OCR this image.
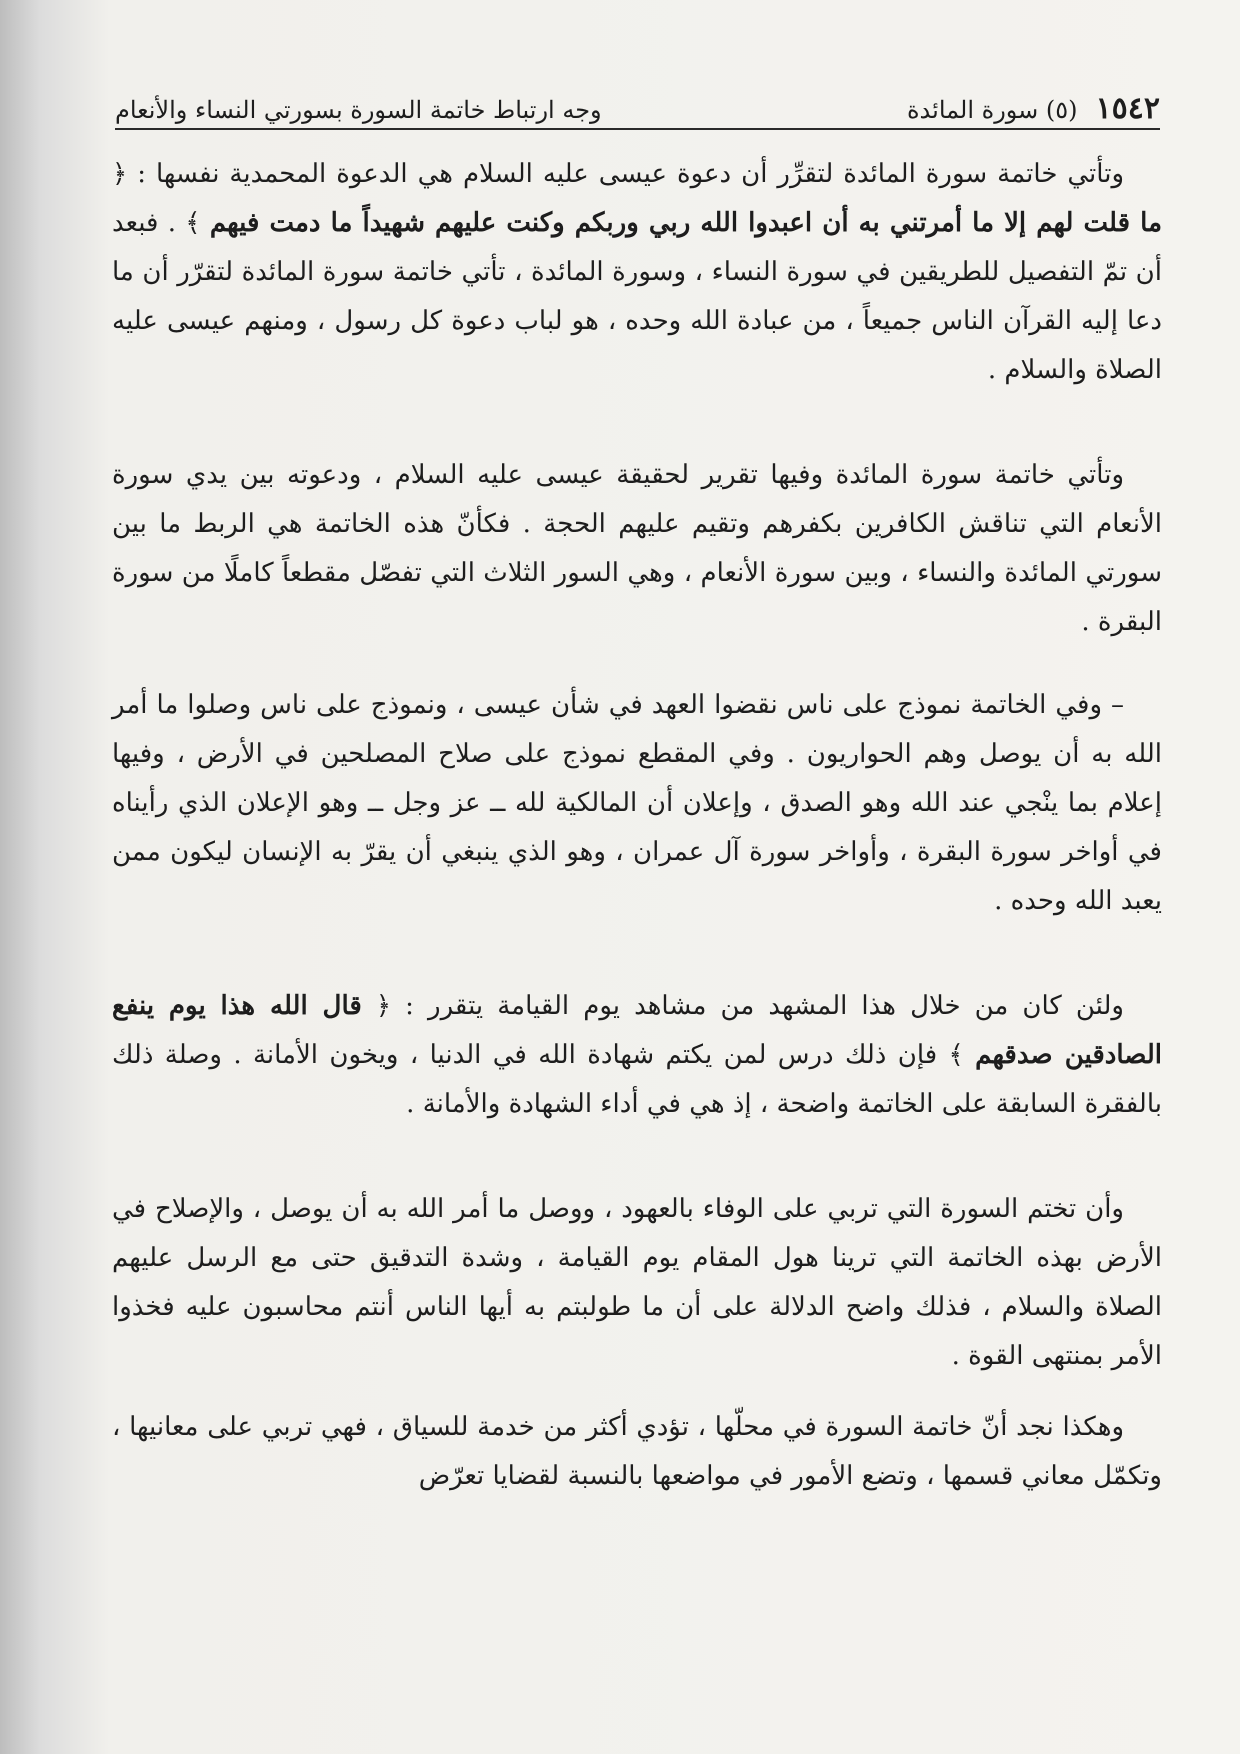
١٥٤٢
(٥) سورة المائدة
وجه ارتباط خاتمة السورة بسورتي النساء والأنعام

وتأتي خاتمة سورة المائدة لتقرِّر أن دعوة عيسى عليه السلام هي الدعوة المحمدية نفسها : ﴿ ما قلت لهم إلا ما أمرتني به أن اعبدوا الله ربي وربكم وكنت عليهم شهيداً ما دمت فيهم ﴾ . فبعد أن تمّ التفصيل للطريقين في سورة النساء ، وسورة المائدة ، تأتي خاتمة سورة المائدة لتقرّر أن ما دعا إليه القرآن الناس جميعاً ، من عبادة الله وحده ، هو لباب دعوة كل رسول ، ومنهم عيسى عليه الصلاة والسلام .

وتأتي خاتمة سورة المائدة وفيها تقرير لحقيقة عيسى عليه السلام ، ودعوته بين يدي سورة الأنعام التي تناقش الكافرين بكفرهم وتقيم عليهم الحجة . فكأنّ هذه الخاتمة هي الربط ما بين سورتي المائدة والنساء ، وبين سورة الأنعام ، وهي السور الثلاث التي تفصّل مقطعاً كاملًا من سورة البقرة .

– وفي الخاتمة نموذج على ناس نقضوا العهد في شأن عيسى ، ونموذج على ناس وصلوا ما أمر الله به أن يوصل وهم الحواريون . وفي المقطع نموذج على صلاح المصلحين في الأرض ، وفيها إعلام بما ينْجي عند الله وهو الصدق ، وإعلان أن المالكية لله ــ عز وجل ــ وهو الإعلان الذي رأيناه في أواخر سورة البقرة ، وأواخر سورة آل عمران ، وهو الذي ينبغي أن يقرّ به الإنسان ليكون ممن يعبد الله وحده .

ولئن كان من خلال هذا المشهد من مشاهد يوم القيامة يتقرر : ﴿ قال الله هذا يوم ينفع الصادقين صدقهم ﴾ فإن ذلك درس لمن يكتم شهادة الله في الدنيا ، ويخون الأمانة . وصلة ذلك بالفقرة السابقة على الخاتمة واضحة ، إذ هي في أداء الشهادة والأمانة .

وأن تختم السورة التي تربي على الوفاء بالعهود ، ووصل ما أمر الله به أن يوصل ، والإصلاح في الأرض بهذه الخاتمة التي ترينا هول المقام يوم القيامة ، وشدة التدقيق حتى مع الرسل عليهم الصلاة والسلام ، فذلك واضح الدلالة على أن ما طولبتم به أيها الناس أنتم محاسبون عليه فخذوا الأمر بمنتهى القوة .

وهكذا نجد أنّ خاتمة السورة في محلّها ، تؤدي أكثر من خدمة للسياق ، فهي تربي على معانيها ، وتكمّل معاني قسمها ، وتضع الأمور في مواضعها بالنسبة لقضايا تعرّض
